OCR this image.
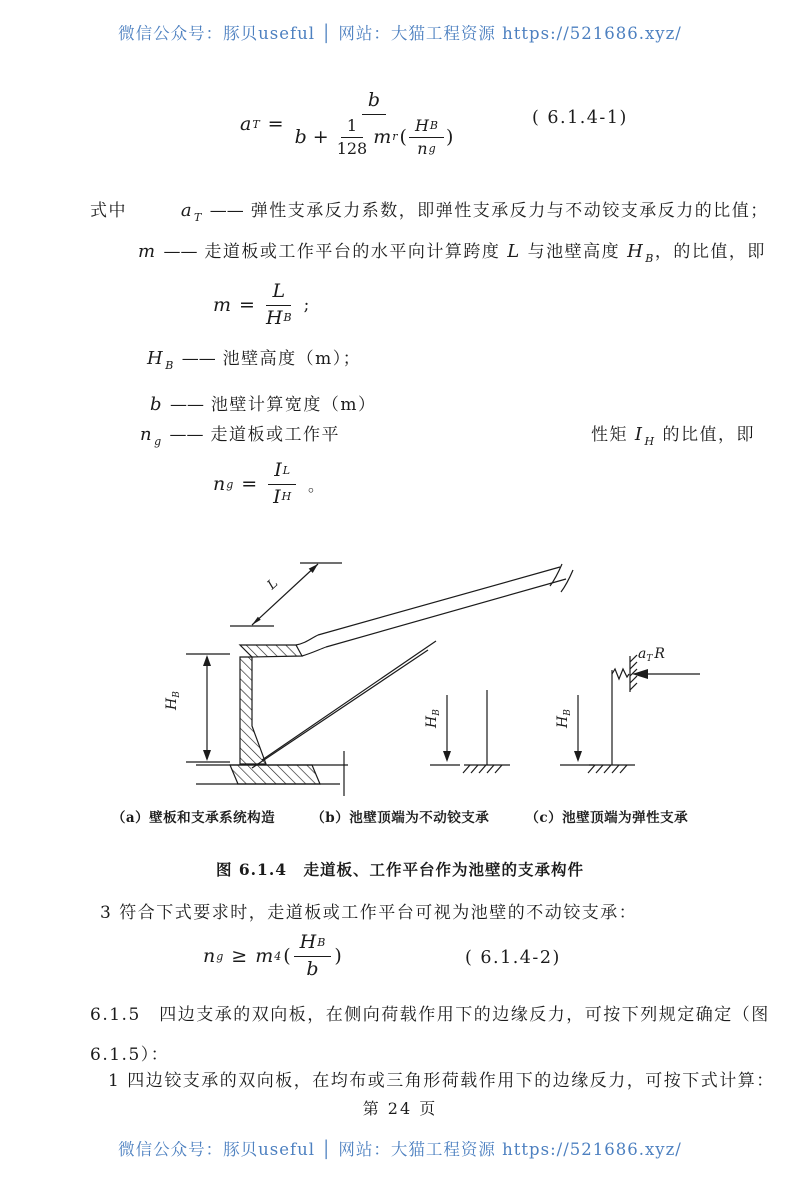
微信公众号：豚贝useful │ 网站：大猫工程资源 https://521686.xyz/
a T =
b
$b + \frac{1}{128}$ m r ( $\frac{\text{H B}}{\text{n g}}$ )
( 6.1.4-1)
式中	$a_T$ —— 弹性支承反力系数，即弹性支承反力与不动铰支承反力的比值；
m —— 走道板或工作平台的水平向计算跨度 L 与池壁高度 $H_B$，的比值，即
$m = \frac{L}{\text{H B}}$ ;
$H_B$ —— 池壁高度（m）；
b —— 池壁计算宽度（m）
$n_g$ —— 走道板或工作平	性矩 $I_H$ 的比值，即
n $g = \frac{\text{I L}}{\text{I H}}$ 。
L
$H_B$
$H_B$
$H_B$
$a_T$ R
（a）壁板和支承系统构造	（b）池壁顶端为不动铰支承	（c）池壁顶端为弹性支承
图 6.1.4　走道板、工作平台作为池壁的支承构件
3 符合下式要求时，走道板或工作平台可视为池壁的不动铰支承：
n g ≥ m 4 ( $\frac{\text{H B}}{b}$ )	( 6.1.4-2)
6.1.5　四边支承的双向板，在侧向荷载作用下的边缘反力，可按下列规定确定（图
6.1.5）：
1 四边铰支承的双向板，在均布或三角形荷载作用下的边缘反力，可按下式计算：
第 24 页
微信公众号：豚贝useful │ 网站：大猫工程资源 https://521686.xyz/
